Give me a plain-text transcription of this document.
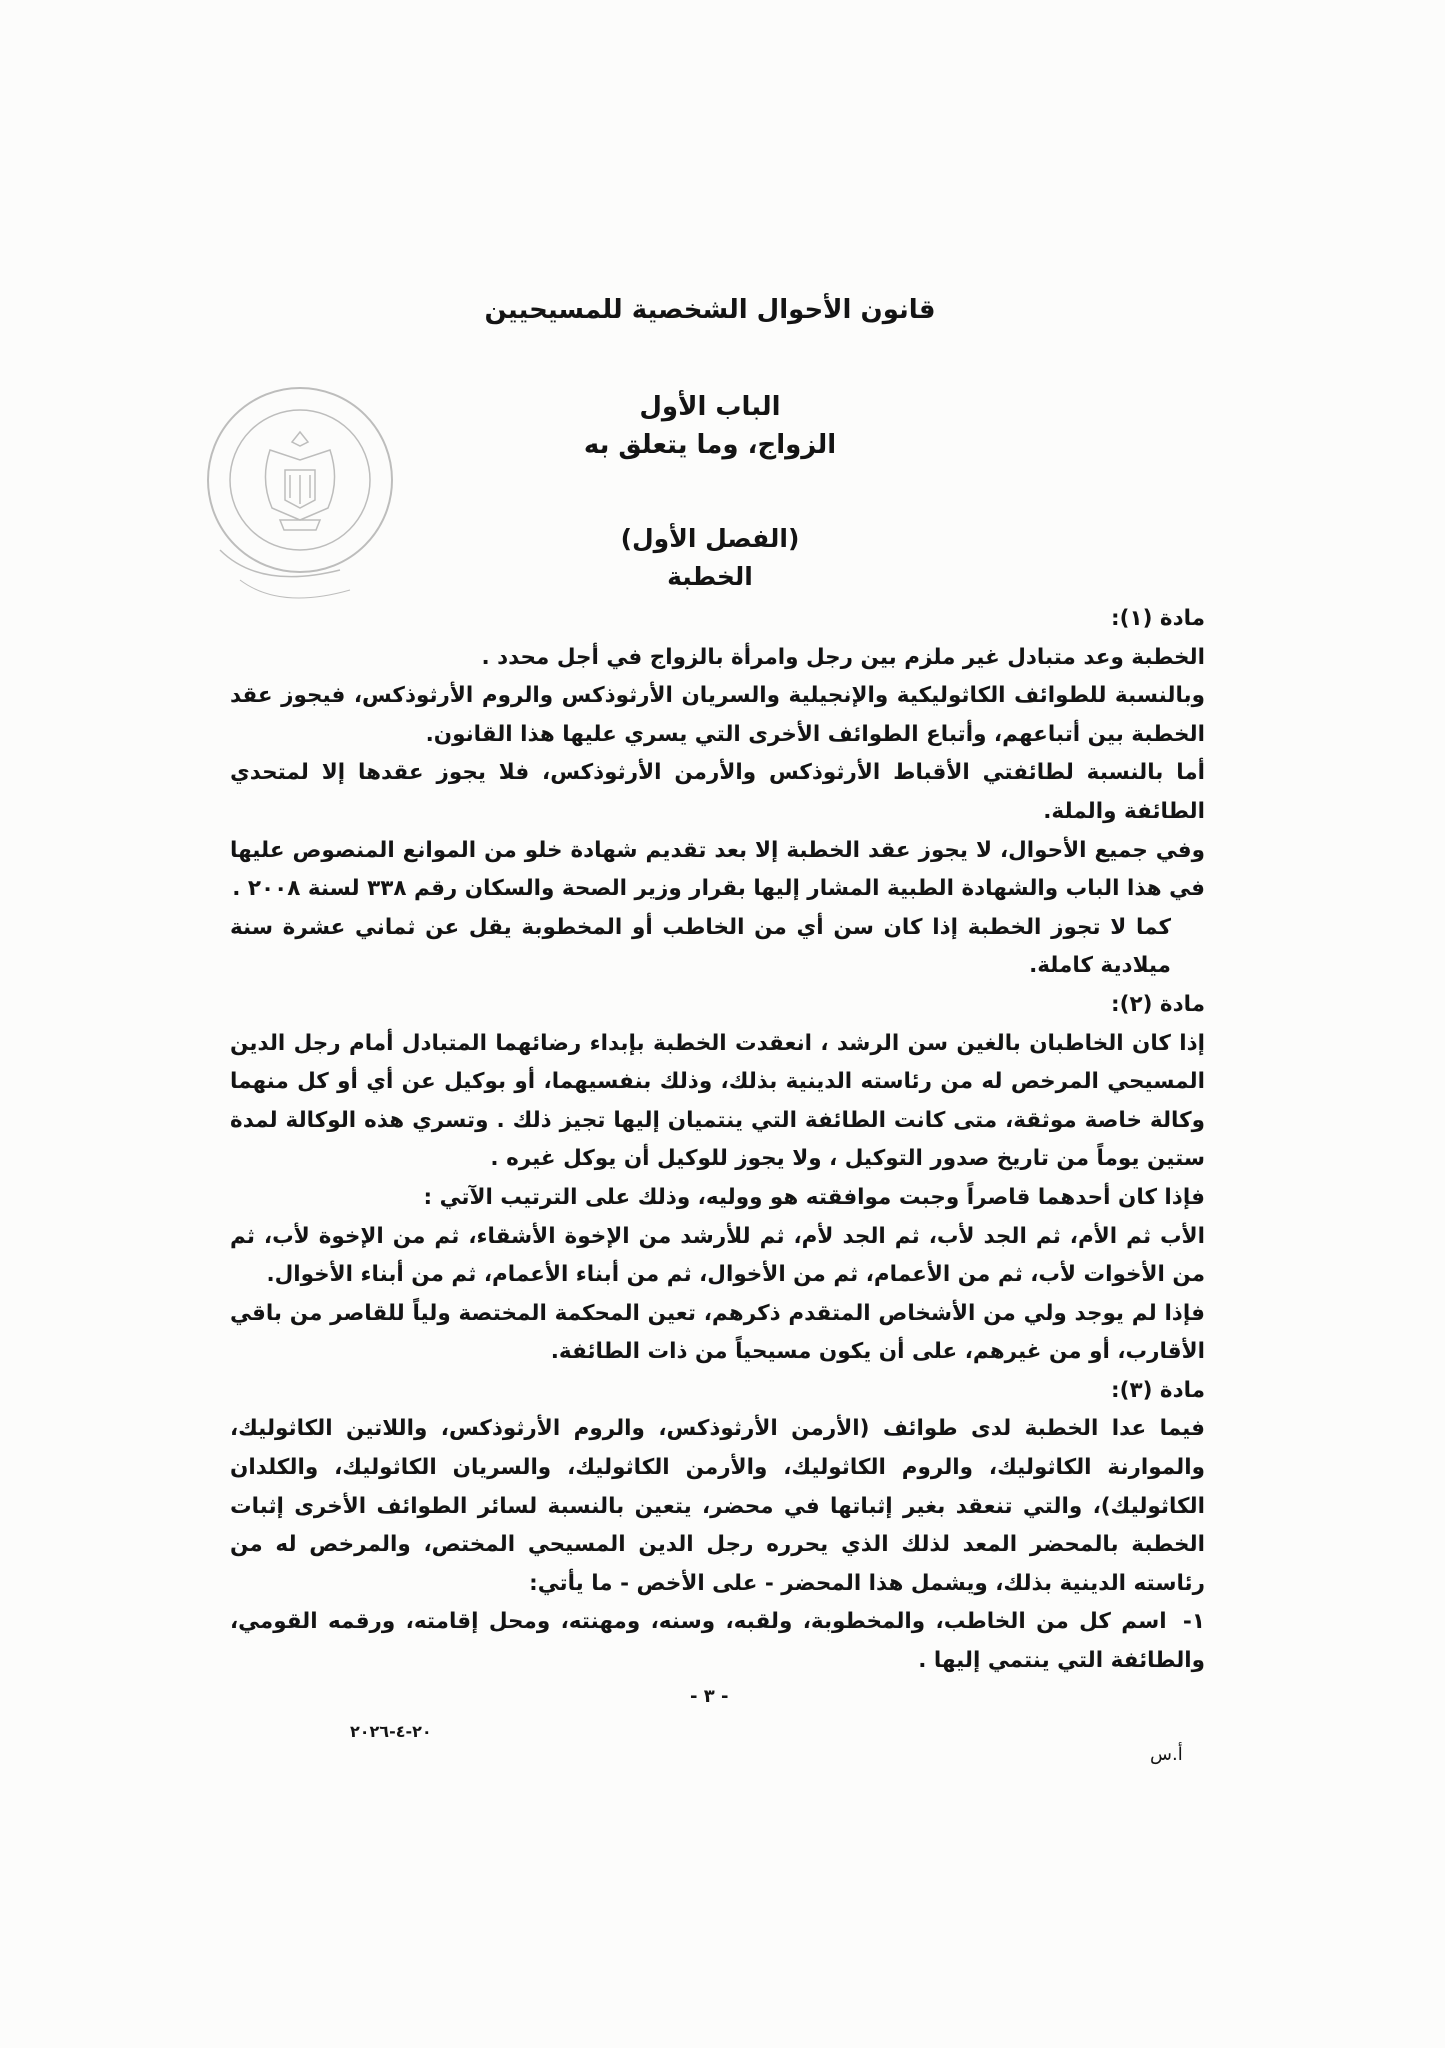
قانون الأحوال الشخصية للمسيحيين
الباب الأول
الزواج، وما يتعلق به
(الفصل الأول)
الخطبة
مادة (١):

الخطبة وعد متبادل غير ملزم بين رجل وامرأة بالزواج في أجل محدد .

وبالنسبة للطوائف الكاثوليكية والإنجيلية والسريان الأرثوذكس والروم الأرثوذكس، فيجوز عقد الخطبة بين أتباعهم، وأتباع الطوائف الأخرى التي يسري عليها هذا القانون.

أما بالنسبة لطائفتي الأقباط الأرثوذكس والأرمن الأرثوذكس، فلا يجوز عقدها إلا لمتحدي الطائفة والملة.

وفي جميع الأحوال، لا يجوز عقد الخطبة إلا بعد تقديم شهادة خلو من الموانع المنصوص عليها في هذا الباب والشهادة الطبية المشار إليها بقرار وزير الصحة والسكان رقم ٣٣٨ لسنة ٢٠٠٨ .

كما لا تجوز الخطبة إذا كان سن أي من الخاطب أو المخطوبة يقل عن ثماني عشرة سنة ميلادية كاملة.

مادة (٢):

إذا كان الخاطبان بالغين سن الرشد ، انعقدت الخطبة بإبداء رضائهما المتبادل أمام رجل الدين المسيحي المرخص له من رئاسته الدينية بذلك، وذلك بنفسيهما، أو بوكيل عن أي أو كل منهما وكالة خاصة موثقة، متى كانت الطائفة التي ينتميان إليها تجيز ذلك . وتسري هذه الوكالة لمدة ستين يوماً من تاريخ صدور التوكيل ، ولا يجوز للوكيل أن يوكل غيره .

فإذا كان أحدهما قاصراً وجبت موافقته هو ووليه، وذلك على الترتيب الآتي :

الأب ثم الأم، ثم الجد لأب، ثم الجد لأم، ثم للأرشد من الإخوة الأشقاء، ثم من الإخوة لأب، ثم من الأخوات لأب، ثم من الأعمام، ثم من الأخوال، ثم من أبناء الأعمام، ثم من أبناء الأخوال.

فإذا لم يوجد ولي من الأشخاص المتقدم ذكرهم، تعين المحكمة المختصة ولياً للقاصر من باقي الأقارب، أو من غيرهم، على أن يكون مسيحياً من ذات الطائفة.

مادة (٣):

فيما عدا الخطبة لدى طوائف (الأرمن الأرثوذكس، والروم الأرثوذكس، واللاتين الكاثوليك، والموارنة الكاثوليك، والروم الكاثوليك، والأرمن الكاثوليك، والسريان الكاثوليك، والكلدان الكاثوليك)، والتي تنعقد بغير إثباتها في محضر، يتعين بالنسبة لسائر الطوائف الأخرى إثبات الخطبة بالمحضر المعد لذلك الذي يحرره رجل الدين المسيحي المختص، والمرخص له من رئاسته الدينية بذلك، ويشمل هذا المحضر - على الأخص - ما يأتي:

١- اسم كل من الخاطب، والمخطوبة، ولقبه، وسنه، ومهنته، ومحل إقامته، ورقمه القومي، والطائفة التي ينتمي إليها .

- ٣ -
٢٠-٤-٢٠٢٦
أ.س
